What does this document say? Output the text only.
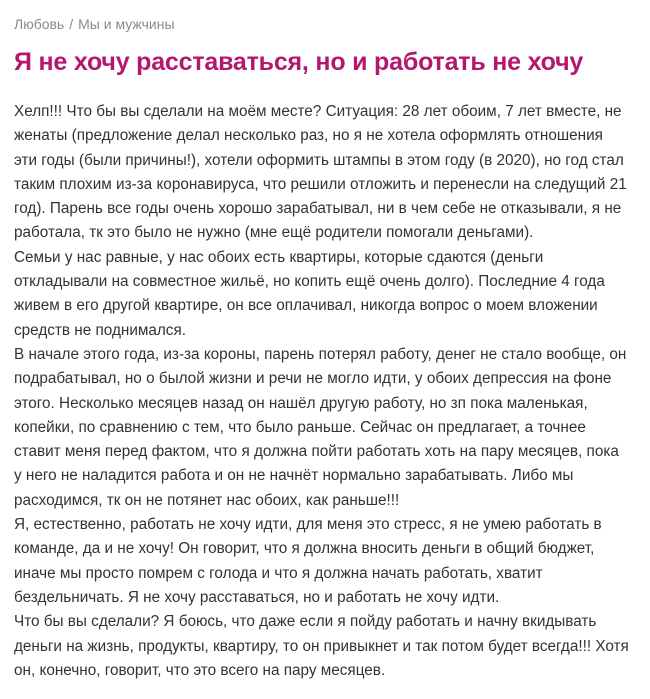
Любовь / Мы и мужчины
Я не хочу расставаться, но и работать не хочу

Хелп!!! Что бы вы сделали на моём месте? Ситуация: 28 лет обоим, 7 лет вместе, не женаты (предложение делал несколько раз, но я не хотела оформлять отношения эти годы (были причины!), хотели оформить штампы в этом году (в 2020), но год стал таким плохим из-за коронавируса, что решили отложить и перенесли на следущий 21 год). Парень все годы очень хорошо зарабатывал, ни в чем себе не отказывали, я не работала, тк это было не нужно (мне ещё родители помогали деньгами).

Семьи у нас равные, у нас обоих есть квартиры, которые сдаются (деньги откладывали на совместное жильё, но копить ещё очень долго). Последние 4 года живем в его другой квартире, он все оплачивал, никогда вопрос о моем вложении средств не поднимался.

В начале этого года, из-за короны, парень потерял работу, денег не стало вообще, он подрабатывал, но о былой жизни и речи не могло идти, у обоих депрессия на фоне этого. Несколько месяцев назад он нашёл другую работу, но зп пока маленькая, копейки, по сравнению с тем, что было раньше. Сейчас он предлагает, а точнее ставит меня перед фактом, что я должна пойти работать хоть на пару месяцев, пока у него не наладится работа и он не начнёт нормально зарабатывать. Либо мы расходимся, тк он не потянет нас обоих, как раньше!!!

Я, естественно, работать не хочу идти, для меня это стресс, я не умею работать в команде, да и не хочу! Он говорит, что я должна вносить деньги в общий бюджет, иначе мы просто помрем с голода и что я должна начать работать, хватит бездельничать. Я не хочу расставаться, но и работать не хочу идти.

Что бы вы сделали? Я боюсь, что даже если я пойду работать и начну вкидывать деньги на жизнь, продукты, квартиру, то он привыкнет и так потом будет всегда!!! Хотя он, конечно, говорит, что это всего на пару месяцев.
